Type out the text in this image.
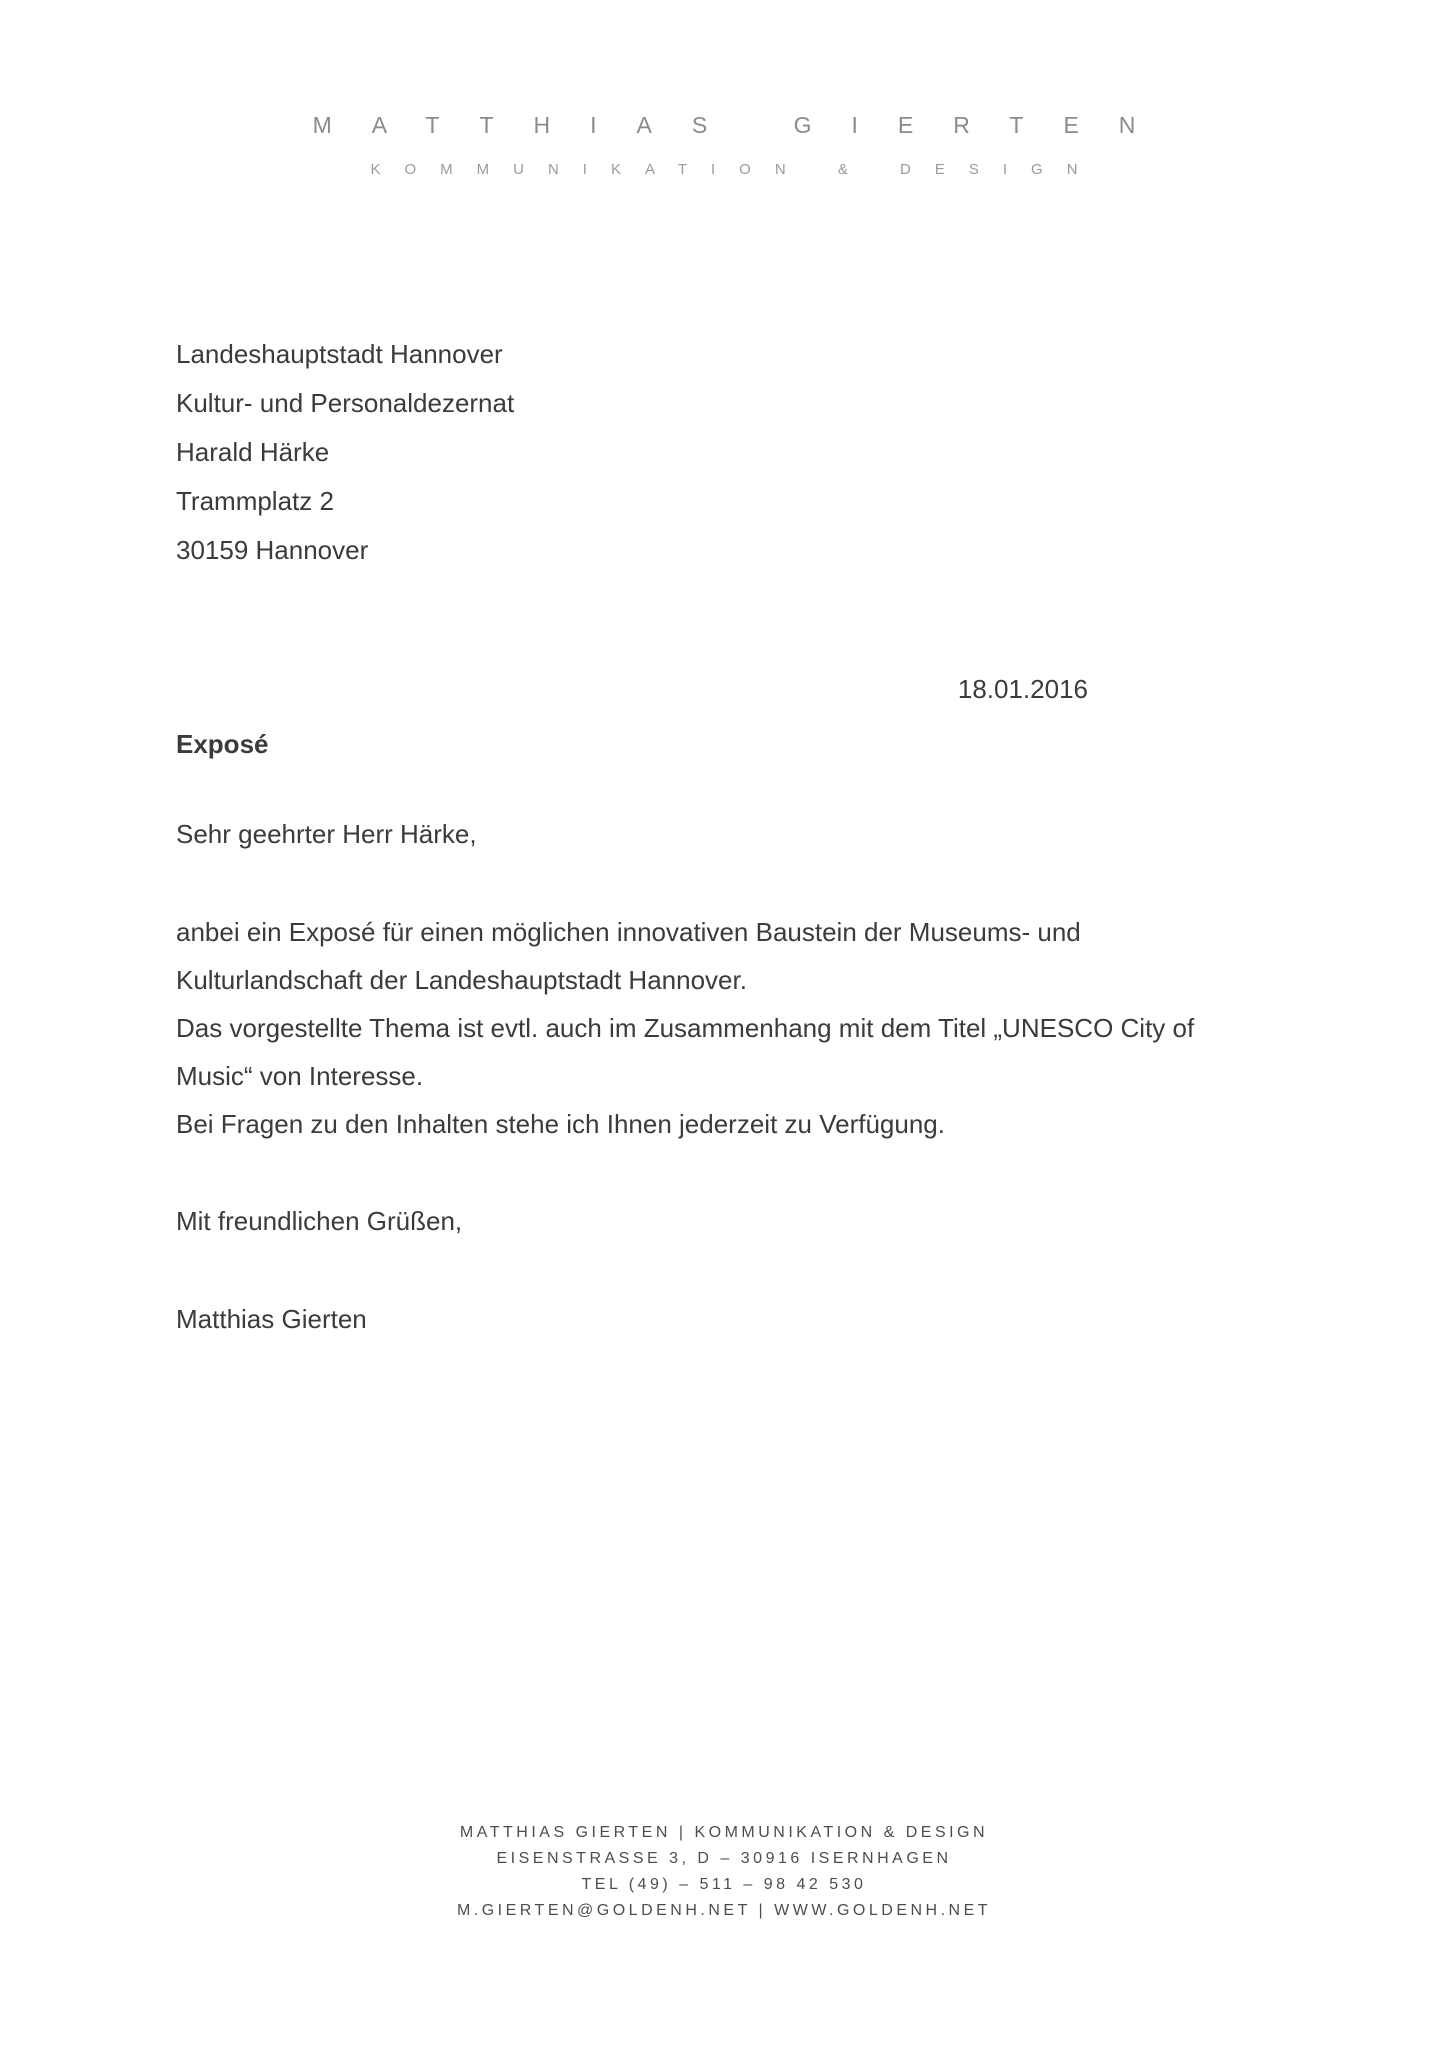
MATTHIAS GIERTEN
KOMMUNIKATION & DESIGN
Landeshauptstadt Hannover
Kultur- und Personaldezernat
Harald Härke
Trammplatz 2
30159 Hannover
18.01.2016
Exposé
Sehr geehrter Herr Härke,
anbei ein Exposé für einen möglichen innovativen Baustein der Museums- und
Kulturlandschaft der Landeshauptstadt Hannover.
Das vorgestellte Thema ist evtl. auch im Zusammenhang mit dem Titel „UNESCO City of
Music“ von Interesse.
Bei Fragen zu den Inhalten stehe ich Ihnen jederzeit zu Verfügung.
Mit freundlichen Grüßen,
Matthias Gierten
MATTHIAS GIERTEN | KOMMUNIKATION & DESIGN
EISENSTRASSE 3, D – 30916 ISERNHAGEN
TEL (49) – 511 – 98 42 530
M.GIERTEN@GOLDENH.NET | WWW.GOLDENH.NET
